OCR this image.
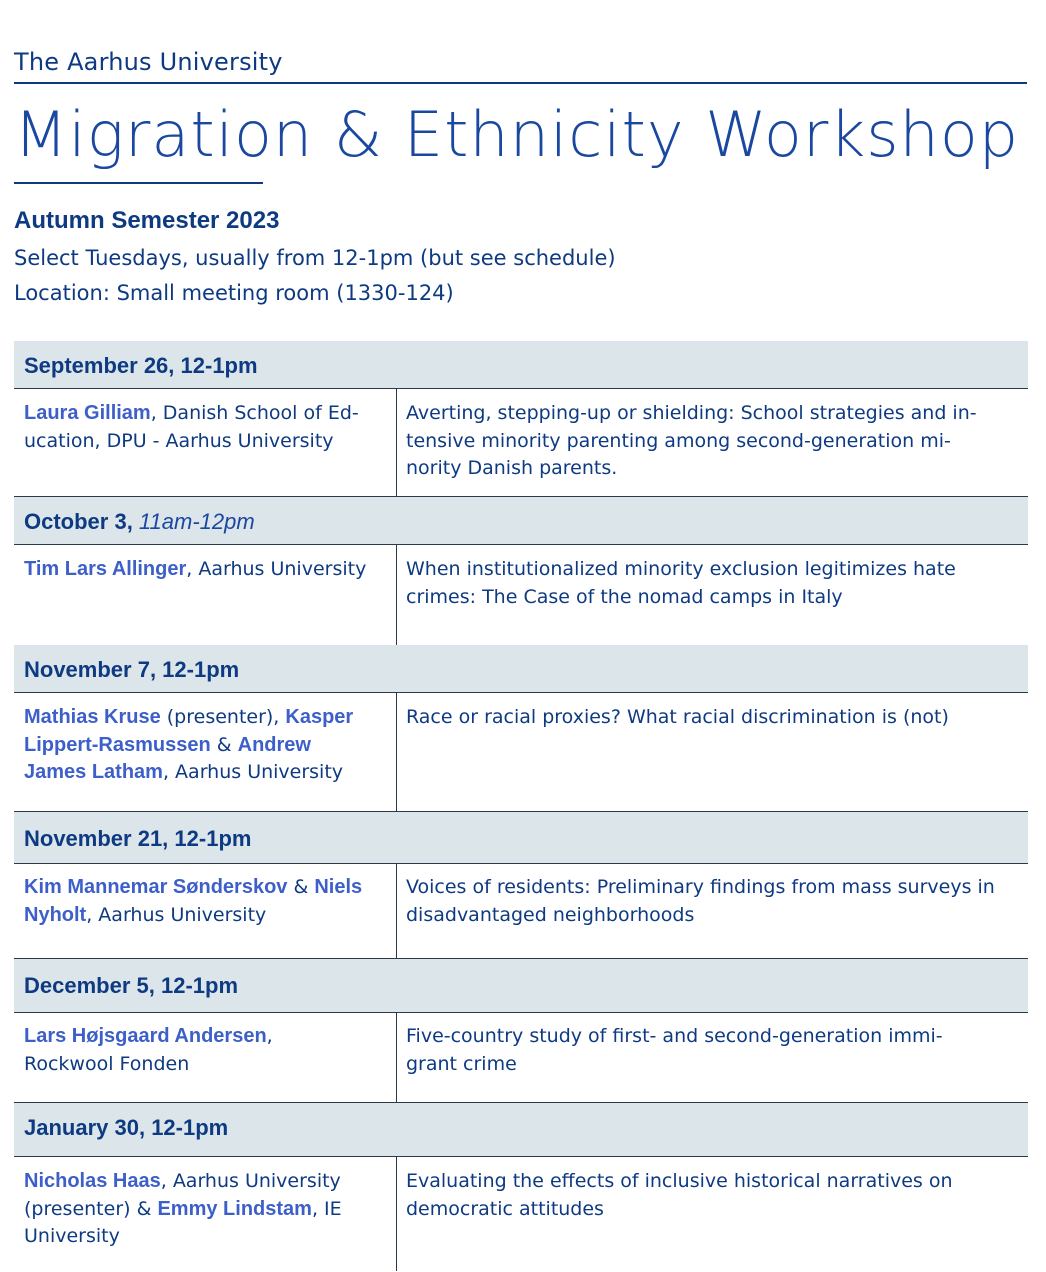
The Aarhus University
Migration & Ethnicity Workshop
Autumn Semester 2023
Select Tuesdays, usually from 12-1pm (but see schedule)
Location: Small meeting room (1330-124)
September 26, 12-1pm
Laura Gilliam, Danish School of Ed-
ucation, DPU - Aarhus University
Averting, stepping-up or shielding: School strategies and in-
tensive minority parenting among second-generation mi-
nority Danish parents.
October 3, 11am-12pm
Tim Lars Allinger, Aarhus University	When institutionalized minority exclusion legitimizes hate
crimes: The Case of the nomad camps in Italy
November 7, 12-1pm
Mathias Kruse (presenter), Kasper
Lippert-Rasmussen & Andrew
James Latham, Aarhus University
Race or racial proxies? What racial discrimination is (not)
November 21, 12-1pm
Kim Mannemar Sønderskov & Niels
Nyholt, Aarhus University
Voices of residents: Preliminary findings from mass surveys in
disadvantaged neighborhoods
December 5, 12-1pm
Lars Højsgaard Andersen,
Rockwool Fonden
Five-country study of first- and second-generation immi-
grant crime
January 30, 12-1pm
Nicholas Haas, Aarhus University
(presenter) & Emmy Lindstam, IE
University
Evaluating the effects of inclusive historical narratives on
democratic attitudes
